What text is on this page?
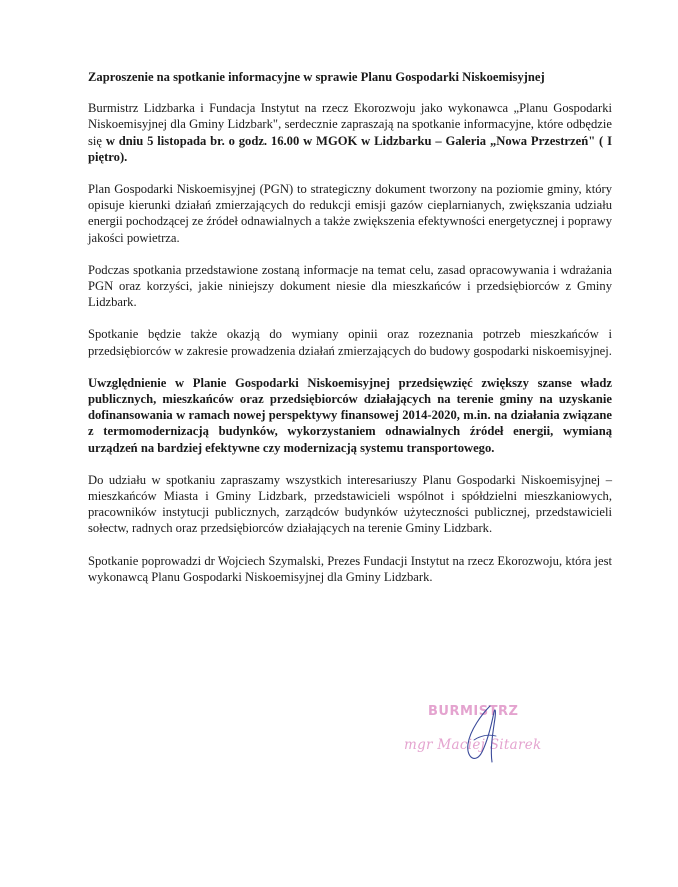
Zaproszenie na spotkanie informacyjne w sprawie Planu Gospodarki Niskoemisyjnej

Burmistrz Lidzbarka i Fundacja Instytut na rzecz Ekorozwoju jako wykonawca „Planu Gospodarki Niskoemisyjnej dla Gminy Lidzbark", serdecznie zapraszają na spotkanie informacyjne, które odbędzie się w dniu 5 listopada br. o godz. 16.00 w MGOK w Lidzbarku – Galeria „Nowa Przestrzeń" ( I piętro).

Plan Gospodarki Niskoemisyjnej (PGN) to strategiczny dokument tworzony na poziomie gminy, który opisuje kierunki działań zmierzających do redukcji emisji gazów cieplarnianych, zwiększania udziału energii pochodzącej ze źródeł odnawialnych a także zwiększenia efektywności energetycznej i poprawy jakości powietrza.

Podczas spotkania przedstawione zostaną informacje na temat celu, zasad opracowywania i wdrażania PGN oraz korzyści, jakie niniejszy dokument niesie dla mieszkańców i przedsiębiorców z Gminy Lidzbark.

Spotkanie będzie także okazją do wymiany opinii oraz rozeznania potrzeb mieszkańców i przedsiębiorców w zakresie prowadzenia działań zmierzających do budowy gospodarki niskoemisyjnej.

Uwzględnienie w Planie Gospodarki Niskoemisyjnej przedsięwzięć zwiększy szanse władz publicznych, mieszkańców oraz przedsiębiorców działających na terenie gminy na uzyskanie dofinansowania w ramach nowej perspektywy finansowej 2014-2020, m.in. na działania związane z termomodernizacją budynków, wykorzystaniem odnawialnych źródeł energii, wymianą urządzeń na bardziej efektywne czy modernizacją systemu transportowego.

Do udziału w spotkaniu zapraszamy wszystkich interesariuszy Planu Gospodarki Niskoemisyjnej – mieszkańców Miasta i Gminy Lidzbark, przedstawicieli wspólnot i spółdzielni mieszkaniowych, pracowników instytucji publicznych, zarządców budynków użyteczności publicznej, przedstawicieli sołectw, radnych oraz przedsiębiorców działających na terenie Gminy Lidzbark.

Spotkanie poprowadzi dr Wojciech Szymalski, Prezes Fundacji Instytut na rzecz Ekorozwoju, która jest wykonawcą Planu Gospodarki Niskoemisyjnej dla Gminy Lidzbark.

BURMISTRZ
mgr Maciej Sitarek
